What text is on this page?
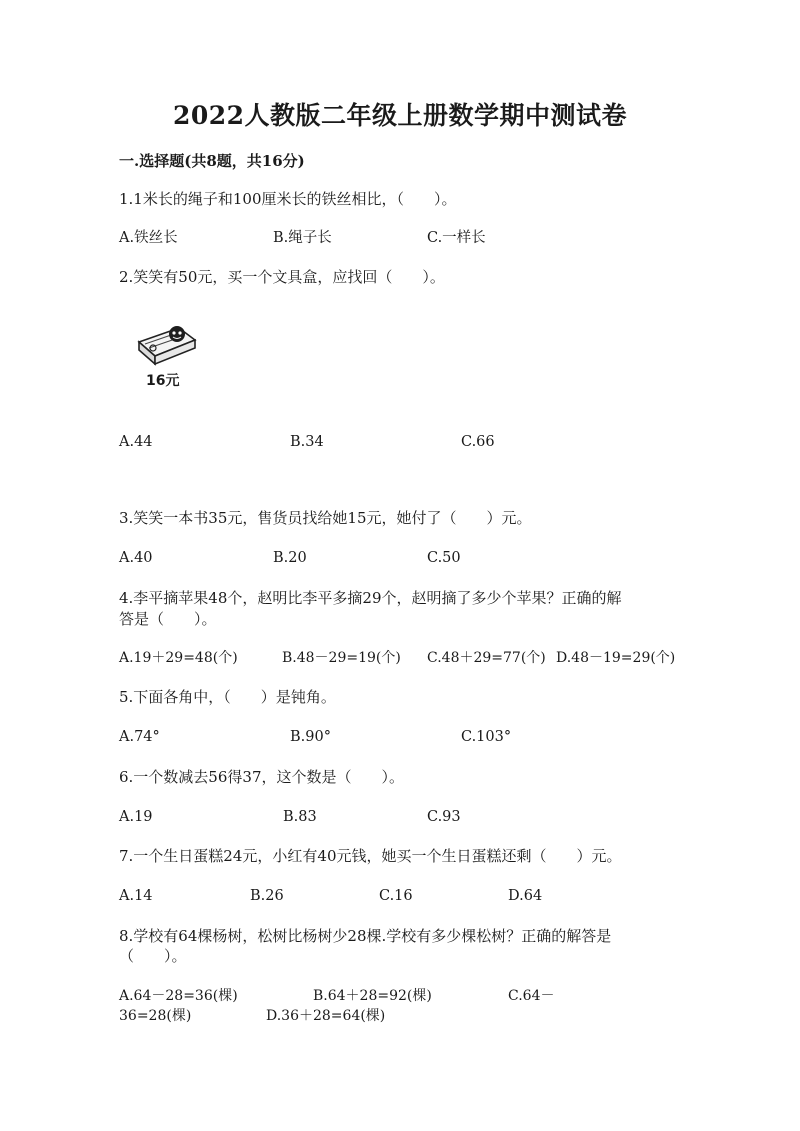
2022人教版二年级上册数学期中测试卷
一.选择题(共8题，共16分)
1.1米长的绳子和100厘米长的铁丝相比，（　　）。
A.铁丝长	B.绳子长	C.一样长
2.笑笑有50元，买一个文具盒，应找回（　　）。
16元
A.44	B.34	C.66
3.笑笑一本书35元，售货员找给她15元，她付了（　　）元。
A.40	B.20	C.50
4.李平摘苹果48个，赵明比李平多摘29个，赵明摘了多少个苹果？正确的解
答是（　　）。
A.19＋29=48(个)	B.48－29=19(个) C.48＋29=77(个) D.48－19=29(个)
5.下面各角中，（　　）是钝角。
A.74°	B.90°	C.103°
6.一个数减去56得37，这个数是（　　）。
A.19	B.83	C.93
7.一个生日蛋糕24元，小红有40元钱，她买一个生日蛋糕还剩（　　）元。
A.14	B.26	C.16	D.64
8.学校有64棵杨树，松树比杨树少28棵.学校有多少棵松树？正确的解答是
（　　）。
A.64－28=36(棵)	B.64＋28=92(棵)	C.64－
36=28(棵)	D.36＋28=64(棵)
